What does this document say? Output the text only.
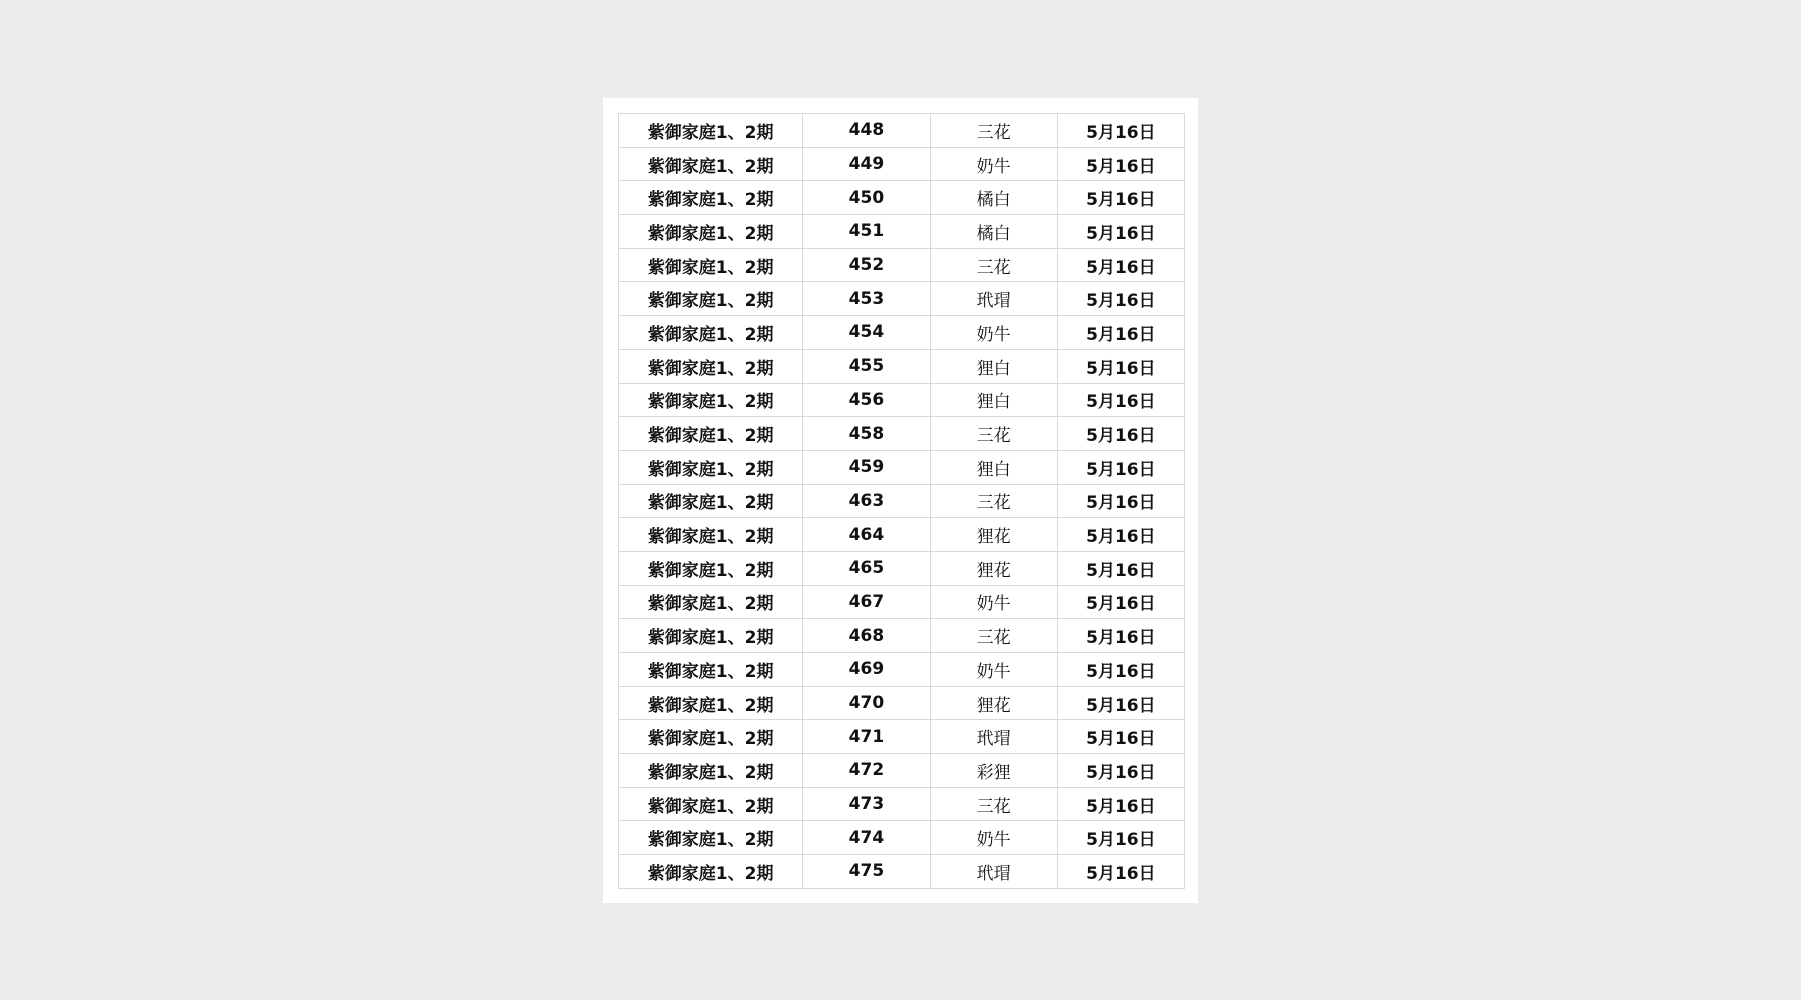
紫御家庭1、2期	448	三花	5月16日
紫御家庭1、2期	449	奶牛	5月16日
紫御家庭1、2期	450	橘白	5月16日
紫御家庭1、2期	451	橘白	5月16日
紫御家庭1、2期	452	三花	5月16日
紫御家庭1、2期	453	玳瑁	5月16日
紫御家庭1、2期	454	奶牛	5月16日
紫御家庭1、2期	455	狸白	5月16日
紫御家庭1、2期	456	狸白	5月16日
紫御家庭1、2期	458	三花	5月16日
紫御家庭1、2期	459	狸白	5月16日
紫御家庭1、2期	463	三花	5月16日
紫御家庭1、2期	464	狸花	5月16日
紫御家庭1、2期	465	狸花	5月16日
紫御家庭1、2期	467	奶牛	5月16日
紫御家庭1、2期	468	三花	5月16日
紫御家庭1、2期	469	奶牛	5月16日
紫御家庭1、2期	470	狸花	5月16日
紫御家庭1、2期	471	玳瑁	5月16日
紫御家庭1、2期	472	彩狸	5月16日
紫御家庭1、2期	473	三花	5月16日
紫御家庭1、2期	474	奶牛	5月16日
紫御家庭1、2期	475	玳瑁	5月16日
